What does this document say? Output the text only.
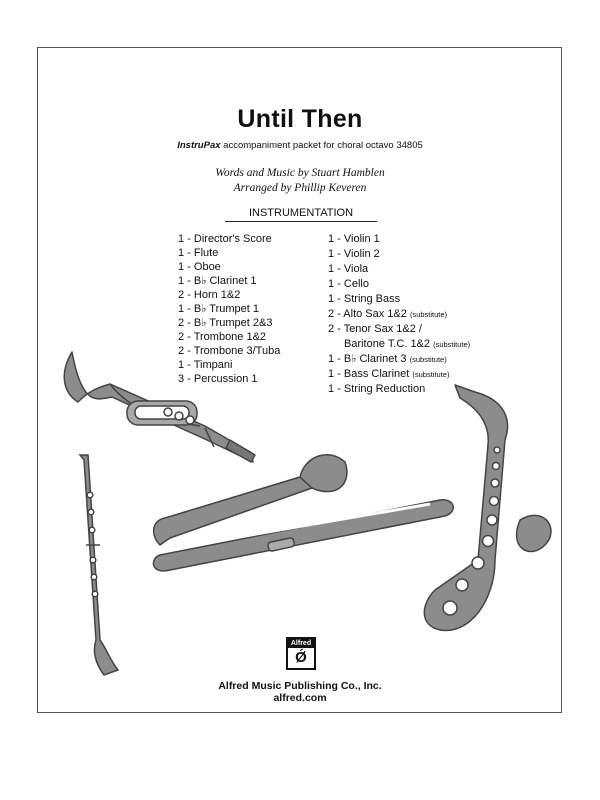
Until Then
InstruPax accompaniment packet for choral octavo 34805
Words and Music by Stuart Hamblen
Arranged by Phillip Keveren
INSTRUMENTATION
1 - Director's Score
1 - Flute
1 - Oboe
1 - B♭ Clarinet 1
2 - Horn 1&2
1 - B♭ Trumpet 1
2 - B♭ Trumpet 2&3
2 - Trombone 1&2
2 - Trombone 3/Tuba
1 - Timpani
3 - Percussion 1
1 - Violin 1
1 - Violin 2
1 - Viola
1 - Cello
1 - String Bass
2 - Alto Sax 1&2 (substitute)
2 - Tenor Sax 1&2 /
Baritone T.C. 1&2 (substitute)
1 - B♭ Clarinet 3 (substitute)
1 - Bass Clarinet (substitute)
1 - String Reduction
Alfred
Ǿ
Alfred Music Publishing Co., Inc.
alfred.com
